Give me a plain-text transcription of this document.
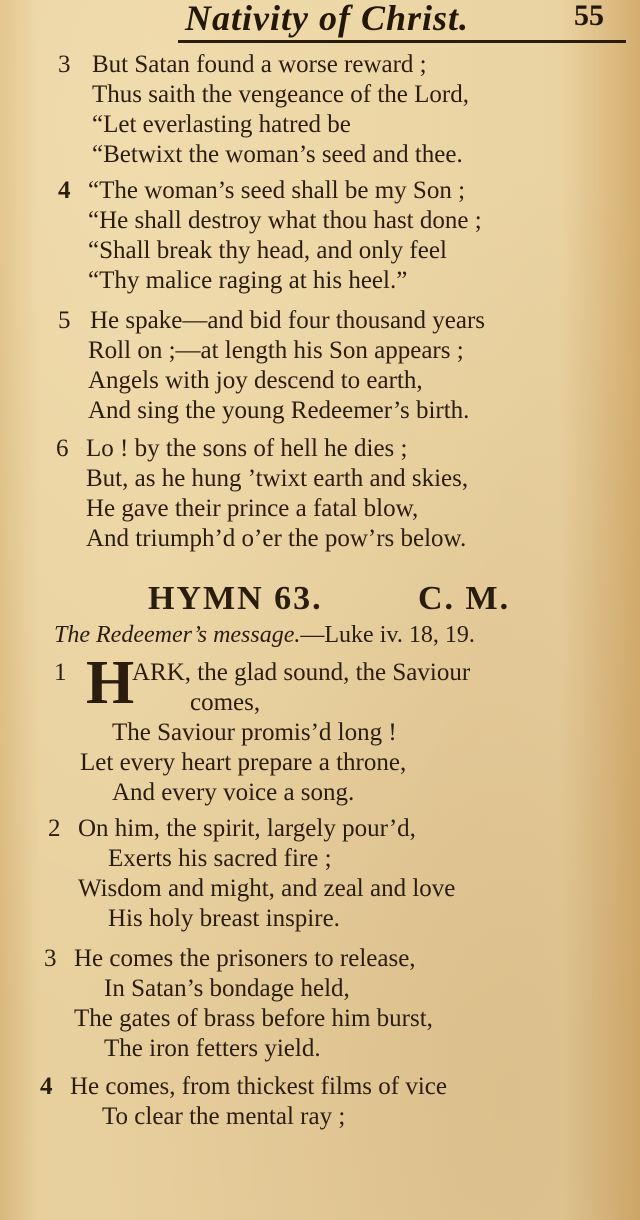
Nativity of Christ.	55
3 But Satan found a worse reward ;
Thus saith the vengeance of the Lord,
“Let everlasting hatred be
“Betwixt the woman’s seed and thee.
4 “The woman’s seed shall be my Son ;
“He shall destroy what thou hast done ;
“Shall break thy head, and only feel
“Thy malice raging at his heel.”
5 He spake—and bid four thousand years
Roll on ;—at length his Son appears ;
Angels with joy descend to earth,
And sing the young Redeemer’s birth.
6 Lo ! by the sons of hell he dies ;
But, as he hung ’twixt earth and skies,
He gave their prince a fatal blow,
And triumph’d o’er the pow’rs below.
HYMN 63.	C. M.
The Redeemer’s message.—Luke iv. 18, 19.
1 H
ARK, the glad sound, the Saviour
comes,
The Saviour promis’d long !
Let every heart prepare a throne,
And every voice a song.
2 On him, the spirit, largely pour’d,
Exerts his sacred fire ;
Wisdom and might, and zeal and love
His holy breast inspire.
3 He comes the prisoners to release,
In Satan’s bondage held,
The gates of brass before him burst,
The iron fetters yield.
4 He comes, from thickest films of vice
To clear the mental ray ;
